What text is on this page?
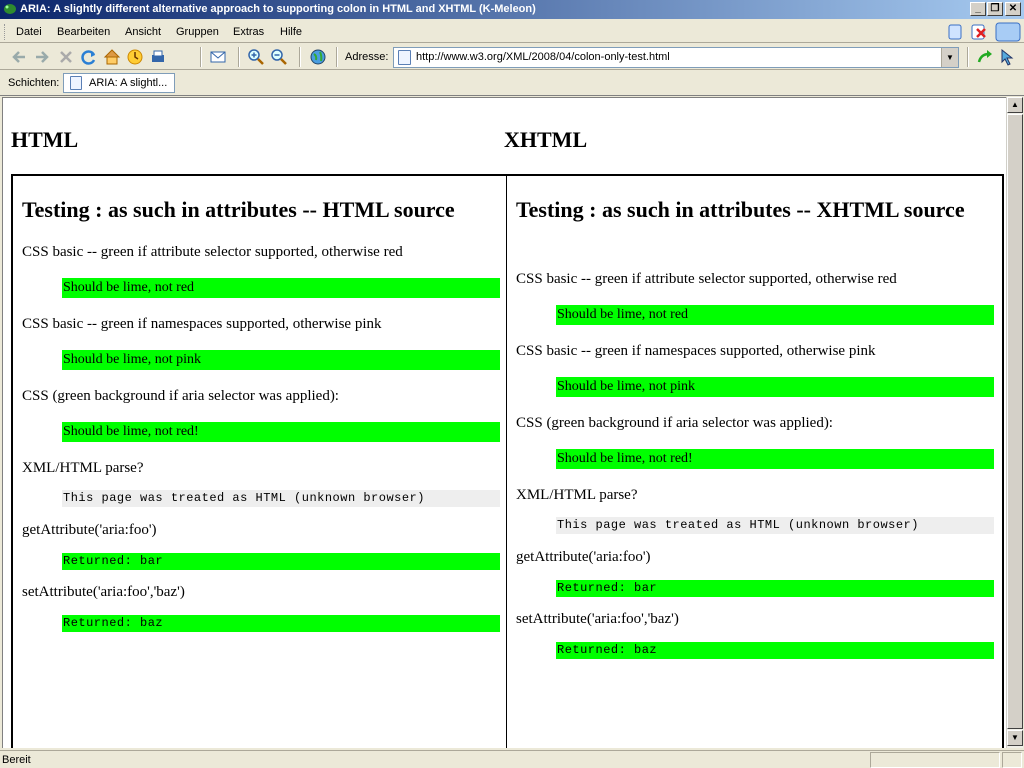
ARIA: A slightly different alternative approach to supporting colon in HTML and XHTML (K-Meleon)	_ ❐ ✕
Datei Bearbeiten Ansicht Gruppen Extras Hilfe
Adresse:	http://www.w3.org/XML/2008/04/colon-only-test.html	▼
Schichten:	ARIA: A slightl...
HTML	XHTML
Testing : as such in attributes -- HTML source
CSS basic -- green if attribute selector supported, otherwise red
Should be lime, not red
CSS basic -- green if namespaces supported, otherwise pink
Should be lime, not pink
CSS (green background if aria selector was applied):
Should be lime, not red!
XML/HTML parse?
This page was treated as HTML (unknown browser)
getAttribute('aria:foo')
Returned: bar
setAttribute('aria:foo','baz')
Returned: baz
Testing : as such in attributes -- XHTML source
CSS basic -- green if attribute selector supported, otherwise red
Should be lime, not red
CSS basic -- green if namespaces supported, otherwise pink
Should be lime, not pink
CSS (green background if aria selector was applied):
Should be lime, not red!
XML/HTML parse?
This page was treated as HTML (unknown browser)
getAttribute('aria:foo')
Returned: bar
setAttribute('aria:foo','baz')
Returned: baz
▲
▼
Bereit
